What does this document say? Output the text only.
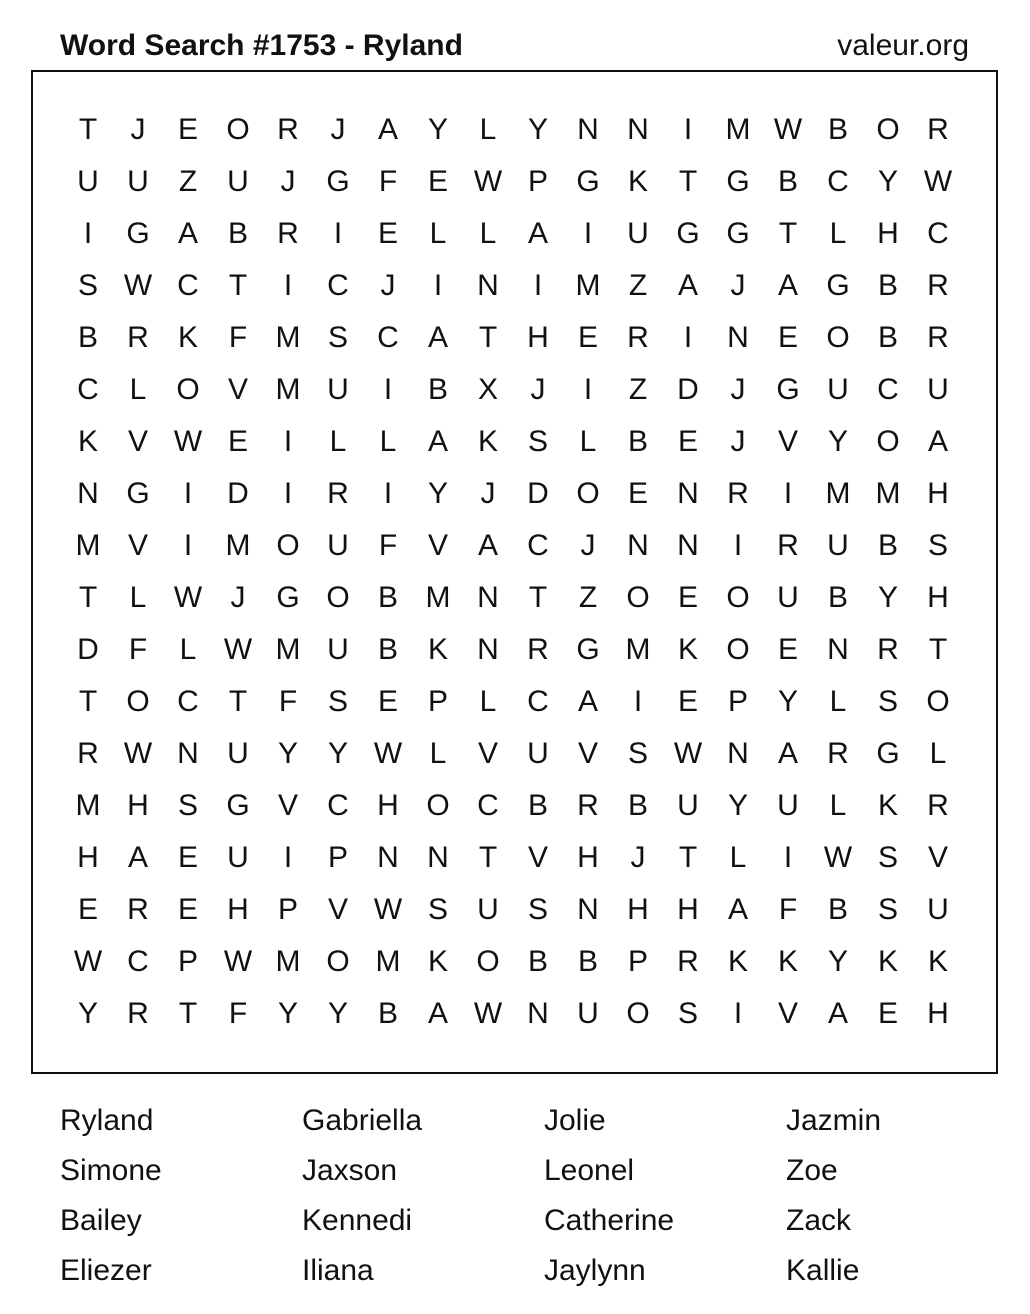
Word Search #1753 - Ryland	valeur.org
T	J	E O R	J	A Y	L	Y N N	I	M W B O R
U U	Z	U	J	G F	E W P G K	T G B C Y W
I	G A B R	I	E	L	L	A	I	U G G T	L	H C
S W C	T	I	C	J	I	N	I	M Z	A	J	A G B R
B R K	F M S C A	T	H E R	I	N E O B R
C	L O V M U	I	B X	J	I	Z	D	J	G U C U
K V W E	I	L	L	A K S	L	B E	J	V Y O A
N G	I	D	I	R	I	Y	J	D O E N R	I	M M H
M V	I	M O U	F	V A C	J	N N	I	R U B S
T	L W J	G O B M N	T	Z O E O U B Y H
D	F	L W M U B K N R G M K O E N R	T
T O C	T	F	S E P	L	C A	I	E P Y	L	S O
R W N U Y Y W L	V U V S W N A R G L
M H S G V C H O C B R B U Y U	L	K R
H A E U	I	P N N	T	V H	J	T	L	I	W S V
E R E H P V W S U S N H H A	F	B S U
W C P W M O M K O B B P R K K Y K K
Y R	T	F	Y Y B A W N U O S	I	V A E H
Ryland	Gabriella	Jolie	Jazmin
Simone	Jaxson	Leonel	Zoe
Bailey	Kennedi	Catherine	Zack
Eliezer	Iliana	Jaylynn	Kallie
